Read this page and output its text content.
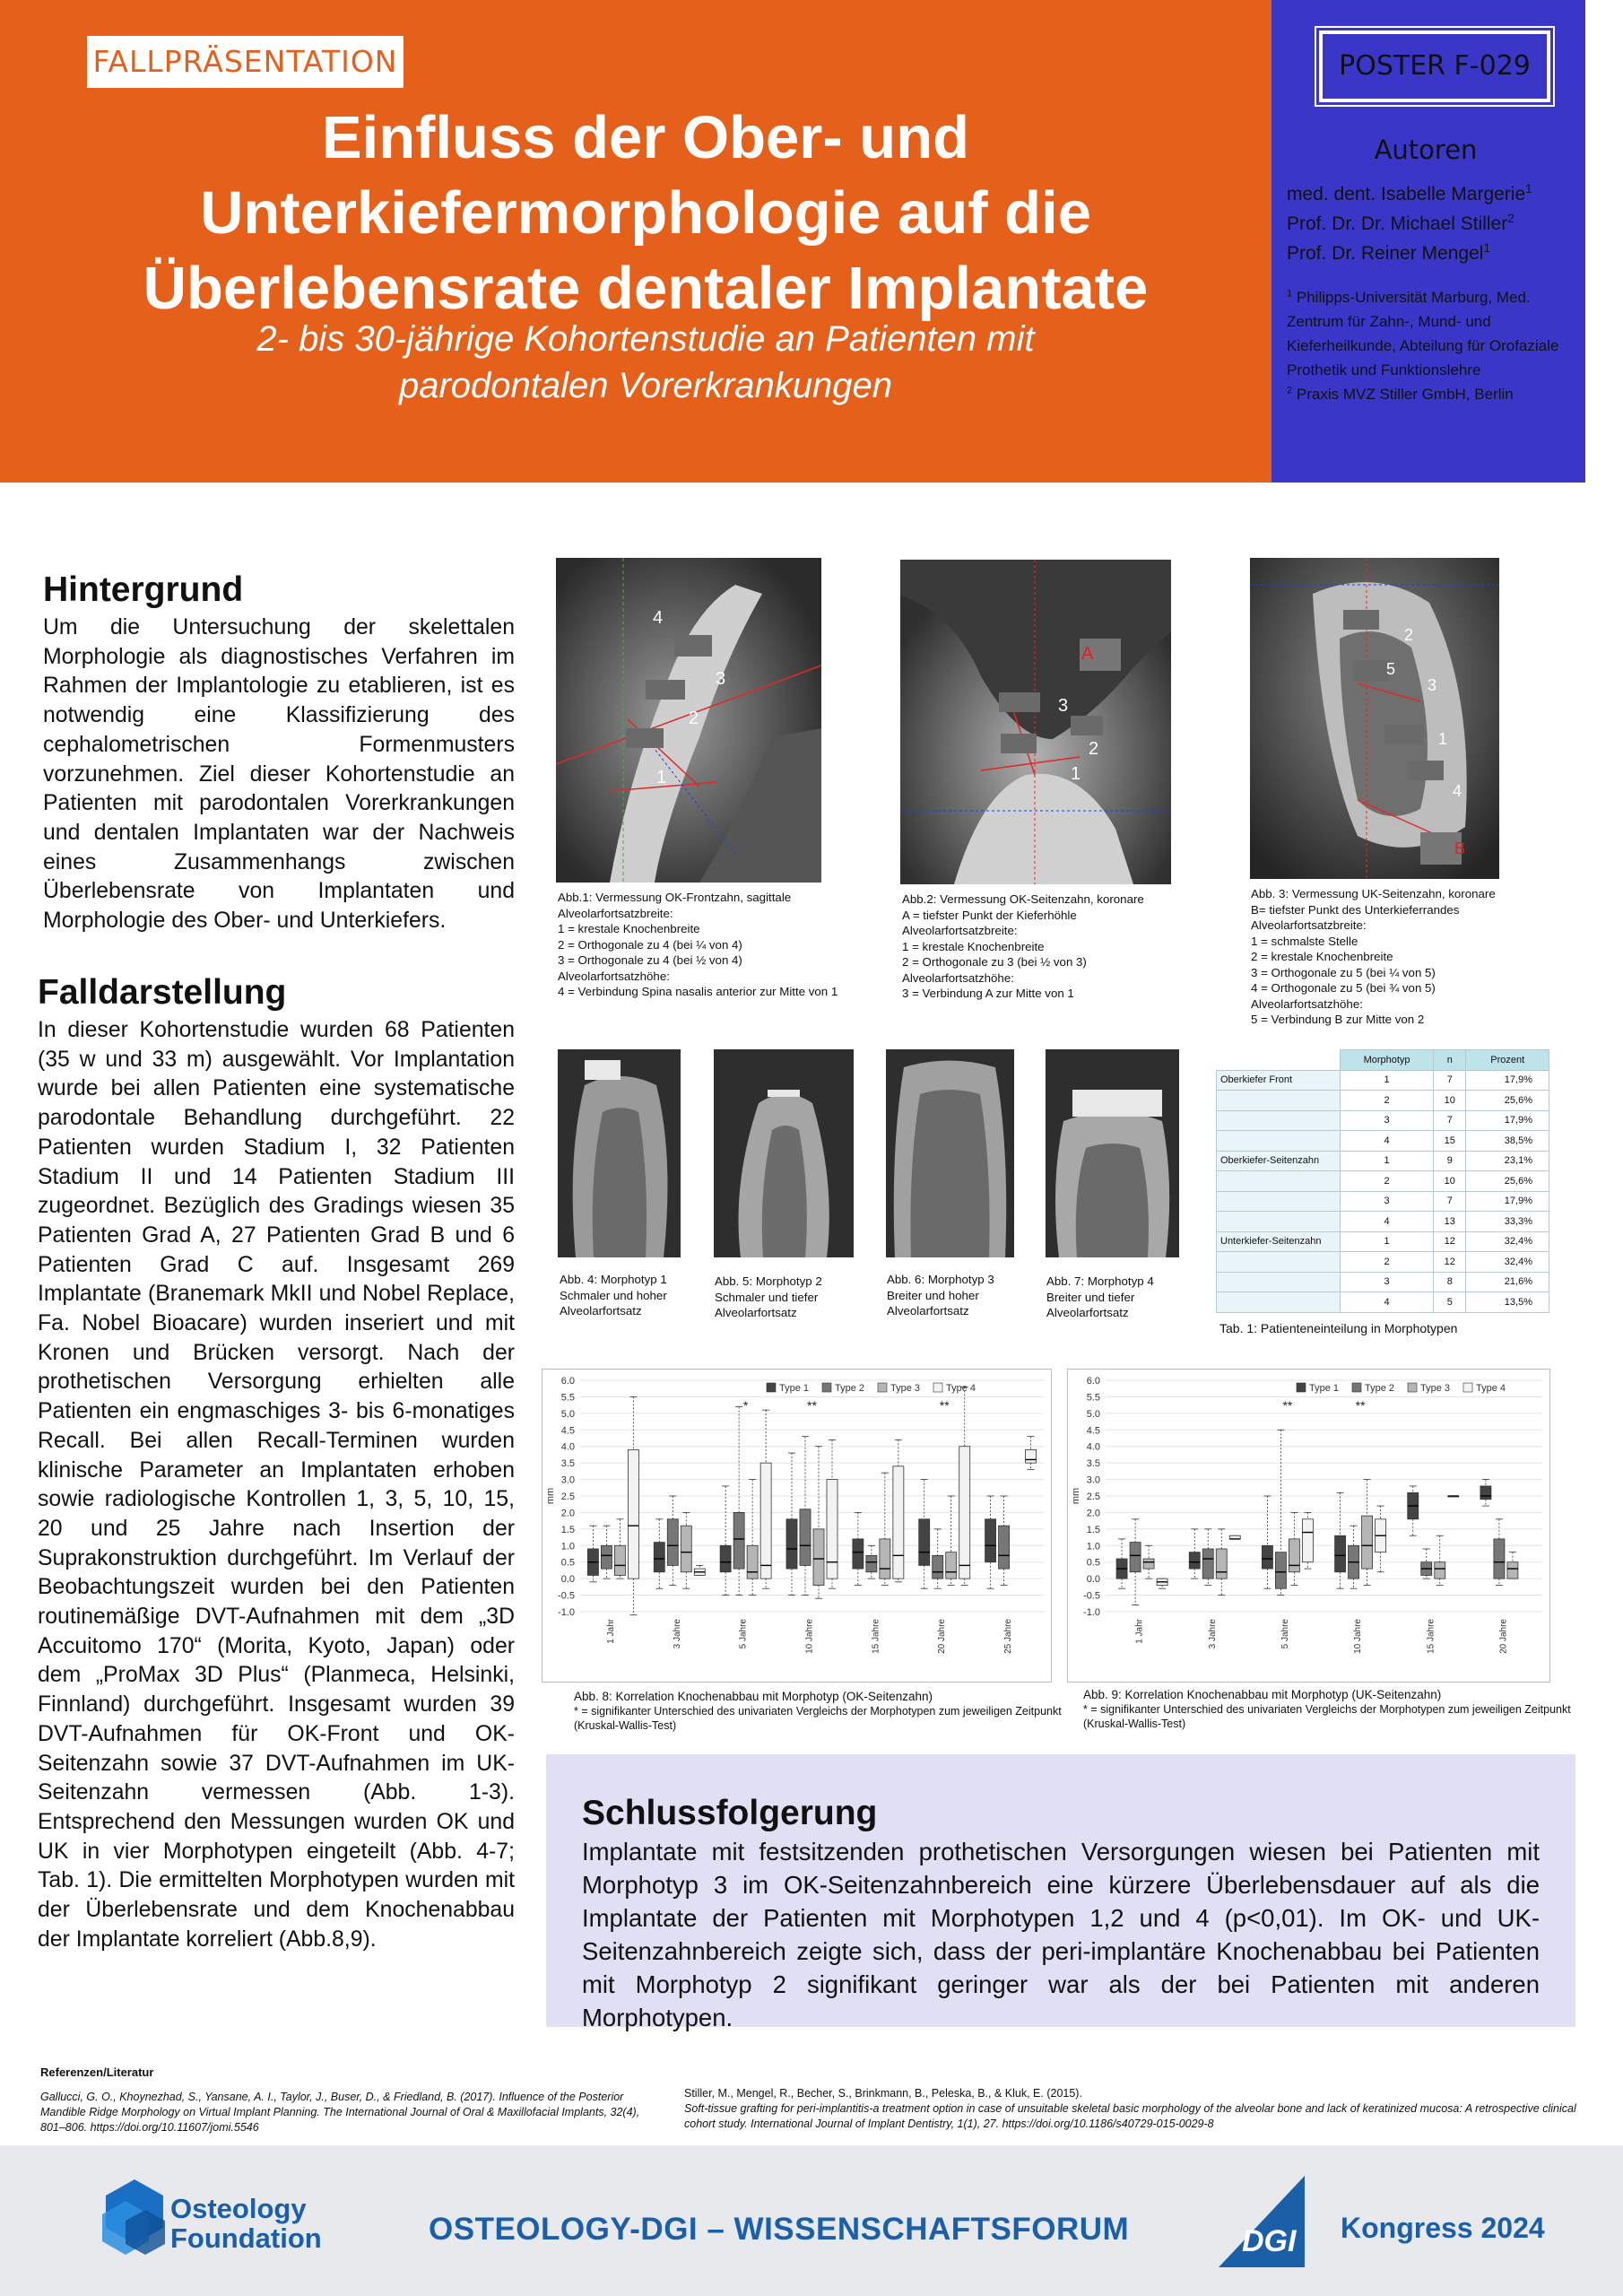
FALLPRÄSENTATION
Einfluss der Ober- und
Unterkiefermorphologie auf die
Überlebensrate dentaler Implantate
2- bis 30-jährige Kohortenstudie an Patienten mit
parodontalen Vorerkrankungen
POSTER F-029
Autoren
med. dent. Isabelle Margerie$^1$
Prof. Dr. Dr. Michael Stiller$^2$
Prof. Dr. Reiner Mengel$^1$
$^1$ Philipps-Universität Marburg, Med. Zentrum für Zahn-, Mund- und Kieferheilkunde, Abteilung für Orofaziale Prothetik und Funktionslehre
$^2$ Praxis MVZ Stiller GmbH, Berlin
Hintergrund

Um die Untersuchung der skelettalen Morphologie als diagnostisches Verfahren im Rahmen der Implantologie zu etablieren, ist es notwendig eine Klassifizierung des cephalometrischen Formenmusters vorzunehmen. Ziel dieser Kohortenstudie an Patienten mit parodontalen Vorerkrankungen und dentalen Implantaten war der Nachweis eines Zusammenhangs zwischen Überlebensrate von Implantaten und Morphologie des Ober- und Unterkiefers.

Falldarstellung

In dieser Kohortenstudie wurden 68 Patienten (35 w und 33 m) ausgewählt. Vor Implantation wurde bei allen Patienten eine systematische parodontale Behandlung durchgeführt. 22 Patienten wurden Stadium I, 32 Patienten Stadium II und 14 Patienten Stadium III zugeordnet. Bezüglich des Gradings wiesen 35 Patienten Grad A, 27 Patienten Grad B und 6 Patienten Grad C auf. Insgesamt 269 Implantate (Branemark MkII und Nobel Replace, Fa. Nobel Bioacare) wurden inseriert und mit Kronen und Brücken versorgt. Nach der prothetischen Versorgung erhielten alle Patienten ein engmaschiges 3- bis 6-monatiges Recall. Bei allen Recall-Terminen wurden klinische Parameter an Implantaten erhoben sowie radiologische Kontrollen 1, 3, 5, 10, 15, 20 und 25 Jahre nach Insertion der Suprakonstruktion durchgeführt. Im Verlauf der Beobachtungszeit wurden bei den Patienten routinemäßige DVT-Aufnahmen mit dem „3D Accuitomo 170“ (Morita, Kyoto, Japan) oder dem „ProMax 3D Plus“ (Planmeca, Helsinki, Finnland) durchgeführt. Insgesamt wurden 39 DVT-Aufnahmen für OK-Front und OK-Seitenzahn sowie 37 DVT-Aufnahmen im UK-Seitenzahn vermessen (Abb. 1-3). Entsprechend den Messungen wurden OK und UK in vier Morphotypen eingeteilt (Abb. 4-7; Tab. 1). Die ermittelten Morphotypen wurden mit der Überlebensrate und dem Knochenabbau der Implantate korreliert (Abb.8,9).

4
3
2
1
Abb.1: Vermessung OK-Frontzahn, sagittale
Alveolarfortsatzbreite:
1 = krestale Knochenbreite
2 = Orthogonale zu 4 (bei ¼ von 4)
3 = Orthogonale zu 4 (bei ½ von 4)
Alveolarfortsatzhöhe:
4 = Verbindung Spina nasalis anterior zur Mitte von 1
A
3
2
1
Abb.2: Vermessung OK-Seitenzahn, koronare
A = tiefster Punkt der Kieferhöhle
Alveolarfortsatzbreite:
1 = krestale Knochenbreite
2 = Orthogonale zu 3 (bei ½ von 3)
Alveolarfortsatzhöhe:
3 = Verbindung A zur Mitte von 1
2
5
3
1
4
B
Abb. 3: Vermessung UK-Seitenzahn, koronare
B= tiefster Punkt des Unterkieferrandes
Alveolarfortsatzbreite:
1 = schmalste Stelle
2 = krestale Knochenbreite
3 = Orthogonale zu 5 (bei ¼ von 5)
4 = Orthogonale zu 5 (bei ¾ von 5)
Alveolarfortsatzhöhe:
5 = Verbindung B zur Mitte von 2
Abb. 4: Morphotyp 1
Schmaler und hoher
Alveolarfortsatz
Abb. 5: Morphotyp 2
Schmaler und tiefer
Alveolarfortsatz
Abb. 6: Morphotyp 3
Breiter und hoher
Alveolarfortsatz
Abb. 7: Morphotyp 4
Breiter und tiefer
Alveolarfortsatz
	Morphotyp	n	Prozent
Oberkiefer Front	1	7	17,9%
	2	10	25,6%
	3	7	17,9%
	4	15	38,5%
Oberkiefer-Seitenzahn	1	9	23,1%
	2	10	25,6%
	3	7	17,9%
	4	13	33,3%
Unterkiefer-Seitenzahn	1	12	32,4%
	2	12	32,4%
	3	8	21,6%
	4	5	13,5%
Tab. 1: Patienteneinteilung in Morphotypen
6.0
5.5
5.0
4.5
4.0
3.5
3.0
2.5
2.0
1.5
1.0
0.5
0.0
-0.5
-1.0
mm
Type 1	Type 2	Type 3	Type 4
1 Jahr	3 Jahre	5 Jahre
*
10 Jahre
**
15 Jahre	20 Jahre
**
25 Jahre
Abb. 8: Korrelation Knochenabbau mit Morphotyp (OK-Seitenzahn)
* = signifikanter Unterschied des univariaten Vergleichs der Morphotypen zum jeweiligen Zeitpunkt
(Kruskal-Wallis-Test)
6.0
5.5
5.0
4.5
4.0
3.5
3.0
2.5
2.0
1.5
1.0
0.5
0.0
-0.5
-1.0
mm
Type 1	Type 2	Type 3	Type 4
1 Jahr	3 Jahre	5 Jahre
**
10 Jahre
**
15 Jahre	20 Jahre
Abb. 9: Korrelation Knochenabbau mit Morphotyp (UK-Seitenzahn)
* = signifikanter Unterschied des univariaten Vergleichs der Morphotypen zum jeweiligen Zeitpunkt
(Kruskal-Wallis-Test)
Schlussfolgerung

Implantate mit festsitzenden prothetischen Versorgungen wiesen bei Patienten mit Morphotyp 3 im OK-Seitenzahnbereich eine kürzere Überlebensdauer auf als die Implantate der Patienten mit Morphotypen 1,2 und 4 (p<0,01). Im OK- und UK-Seitenzahnbereich zeigte sich, dass der peri-implantäre Knochenabbau bei Patienten mit Morphotyp 2 signifikant geringer war als der bei Patienten mit anderen Morphotypen.

Referenzen/Literatur
Gallucci, G. O., Khoynezhad, S., Yansane, A. I., Taylor, J., Buser, D., & Friedland, B. (2017). Influence of the Posterior Mandible Ridge Morphology on Virtual Implant Planning. The International Journal of Oral & Maxillofacial Implants, 32(4), 801–806. https://doi.org/10.11607/jomi.5546
Stiller, M., Mengel, R., Becher, S., Brinkmann, B., Peleska, B., & Kluk, E. (2015).
Soft-tissue grafting for peri-implantitis-a treatment option in case of unsuitable skeletal basic morphology of the alveolar bone and lack of keratinized mucosa: A retrospective clinical cohort study. International Journal of Implant Dentistry, 1(1), 27. https://doi.org/10.1186/s40729-015-0029-8
Osteology
Foundation	OSTEOLOGY-DGI – WISSENSCHAFTSFORUM	DGI Kongress 2024
